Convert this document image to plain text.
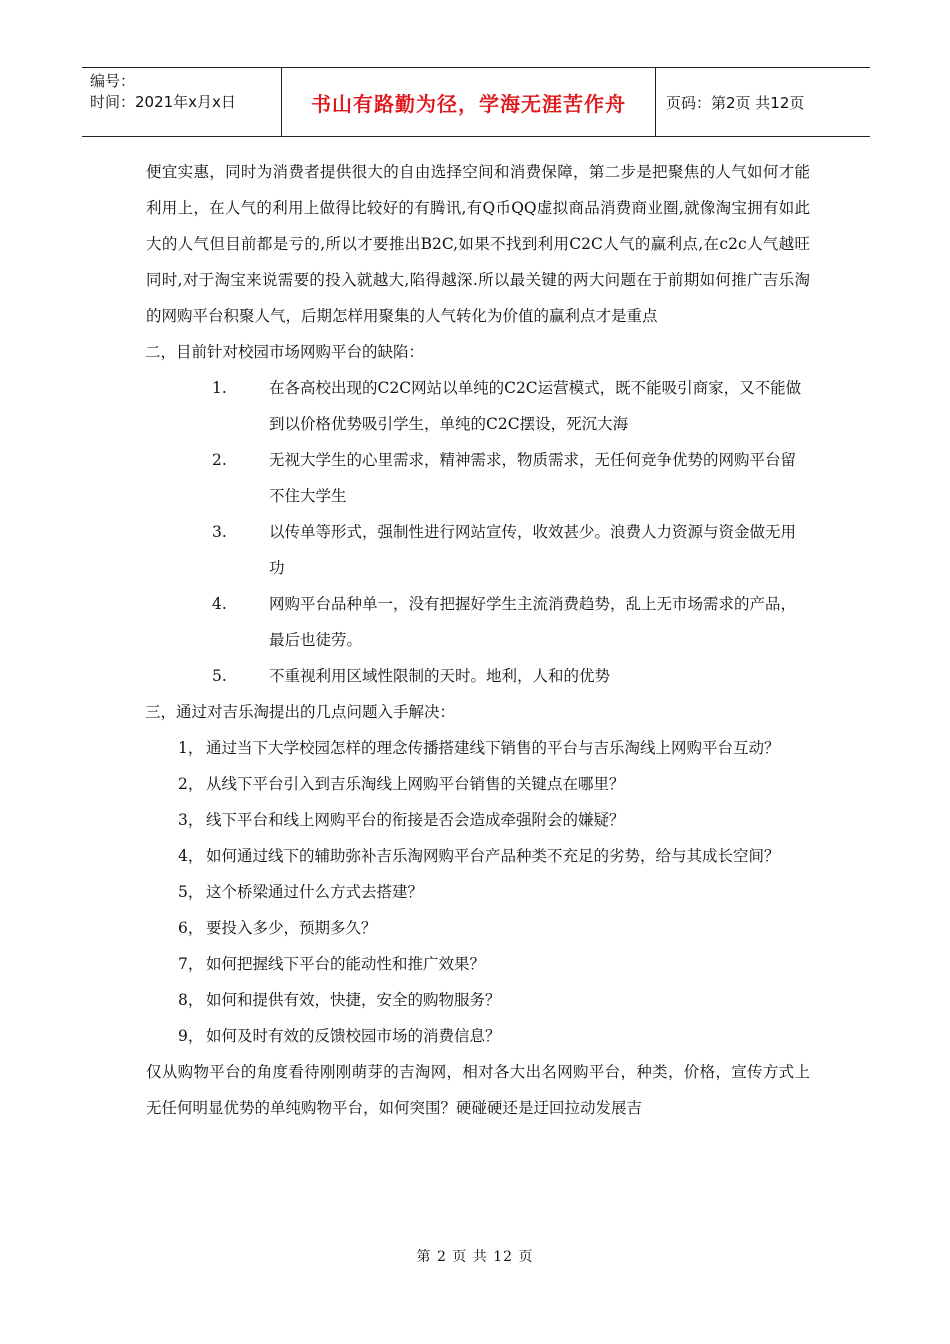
编号：
时间：2021年x月x日	书山有路勤为径，学海无涯苦作舟	页码：第2页 共12页

便宜实惠，同时为消费者提供很大的自由选择空间和消费保障，第二步是把聚焦的人气如何才能利用上，在人气的利用上做得比较好的有腾讯,有Q币QQ虚拟商品消费商业圈,就像淘宝拥有如此大的人气但目前都是亏的,所以才要推出B2C,如果不找到利用C2C人气的赢利点,在c2c人气越旺同时,对于淘宝来说需要的投入就越大,陷得越深.所以最关键的两大问题在于前期如何推广吉乐淘的网购平台积聚人气，后期怎样用聚集的人气转化为价值的赢利点才是重点

二，目前针对校园市场网购平台的缺陷：

1.	在各高校出现的C2C网站以单纯的C2C运营模式，既不能吸引商家，又不能做到以价格优势吸引学生，单纯的C2C摆设，死沉大海
2.	无视大学生的心里需求，精神需求，物质需求，无任何竞争优势的网购平台留不住大学生
3.	以传单等形式，强制性进行网站宣传，收效甚少。浪费人力资源与资金做无用功
4.	网购平台品种单一，没有把握好学生主流消费趋势，乱上无市场需求的产品，最后也徒劳。
5.	不重视利用区域性限制的天时。地利，人和的优势

三，通过对吉乐淘提出的几点问题入手解决：

1， 通过当下大学校园怎样的理念传播搭建线下销售的平台与吉乐淘线上网购平台互动？
2， 从线下平台引入到吉乐淘线上网购平台销售的关键点在哪里？
3， 线下平台和线上网购平台的衔接是否会造成牵强附会的嫌疑？
4， 如何通过线下的辅助弥补吉乐淘网购平台产品种类不充足的劣势，给与其成长空间？
5， 这个桥梁通过什么方式去搭建？
6， 要投入多少，预期多久？
7， 如何把握线下平台的能动性和推广效果？
8， 如何和提供有效，快捷，安全的购物服务？
9， 如何及时有效的反馈校园市场的消费信息？

仅从购物平台的角度看待刚刚萌芽的吉淘网，相对各大出名网购平台，种类，价格，宣传方式上无任何明显优势的单纯购物平台，如何突围？硬碰硬还是迂回拉动发展吉

第 2 页 共 12 页
